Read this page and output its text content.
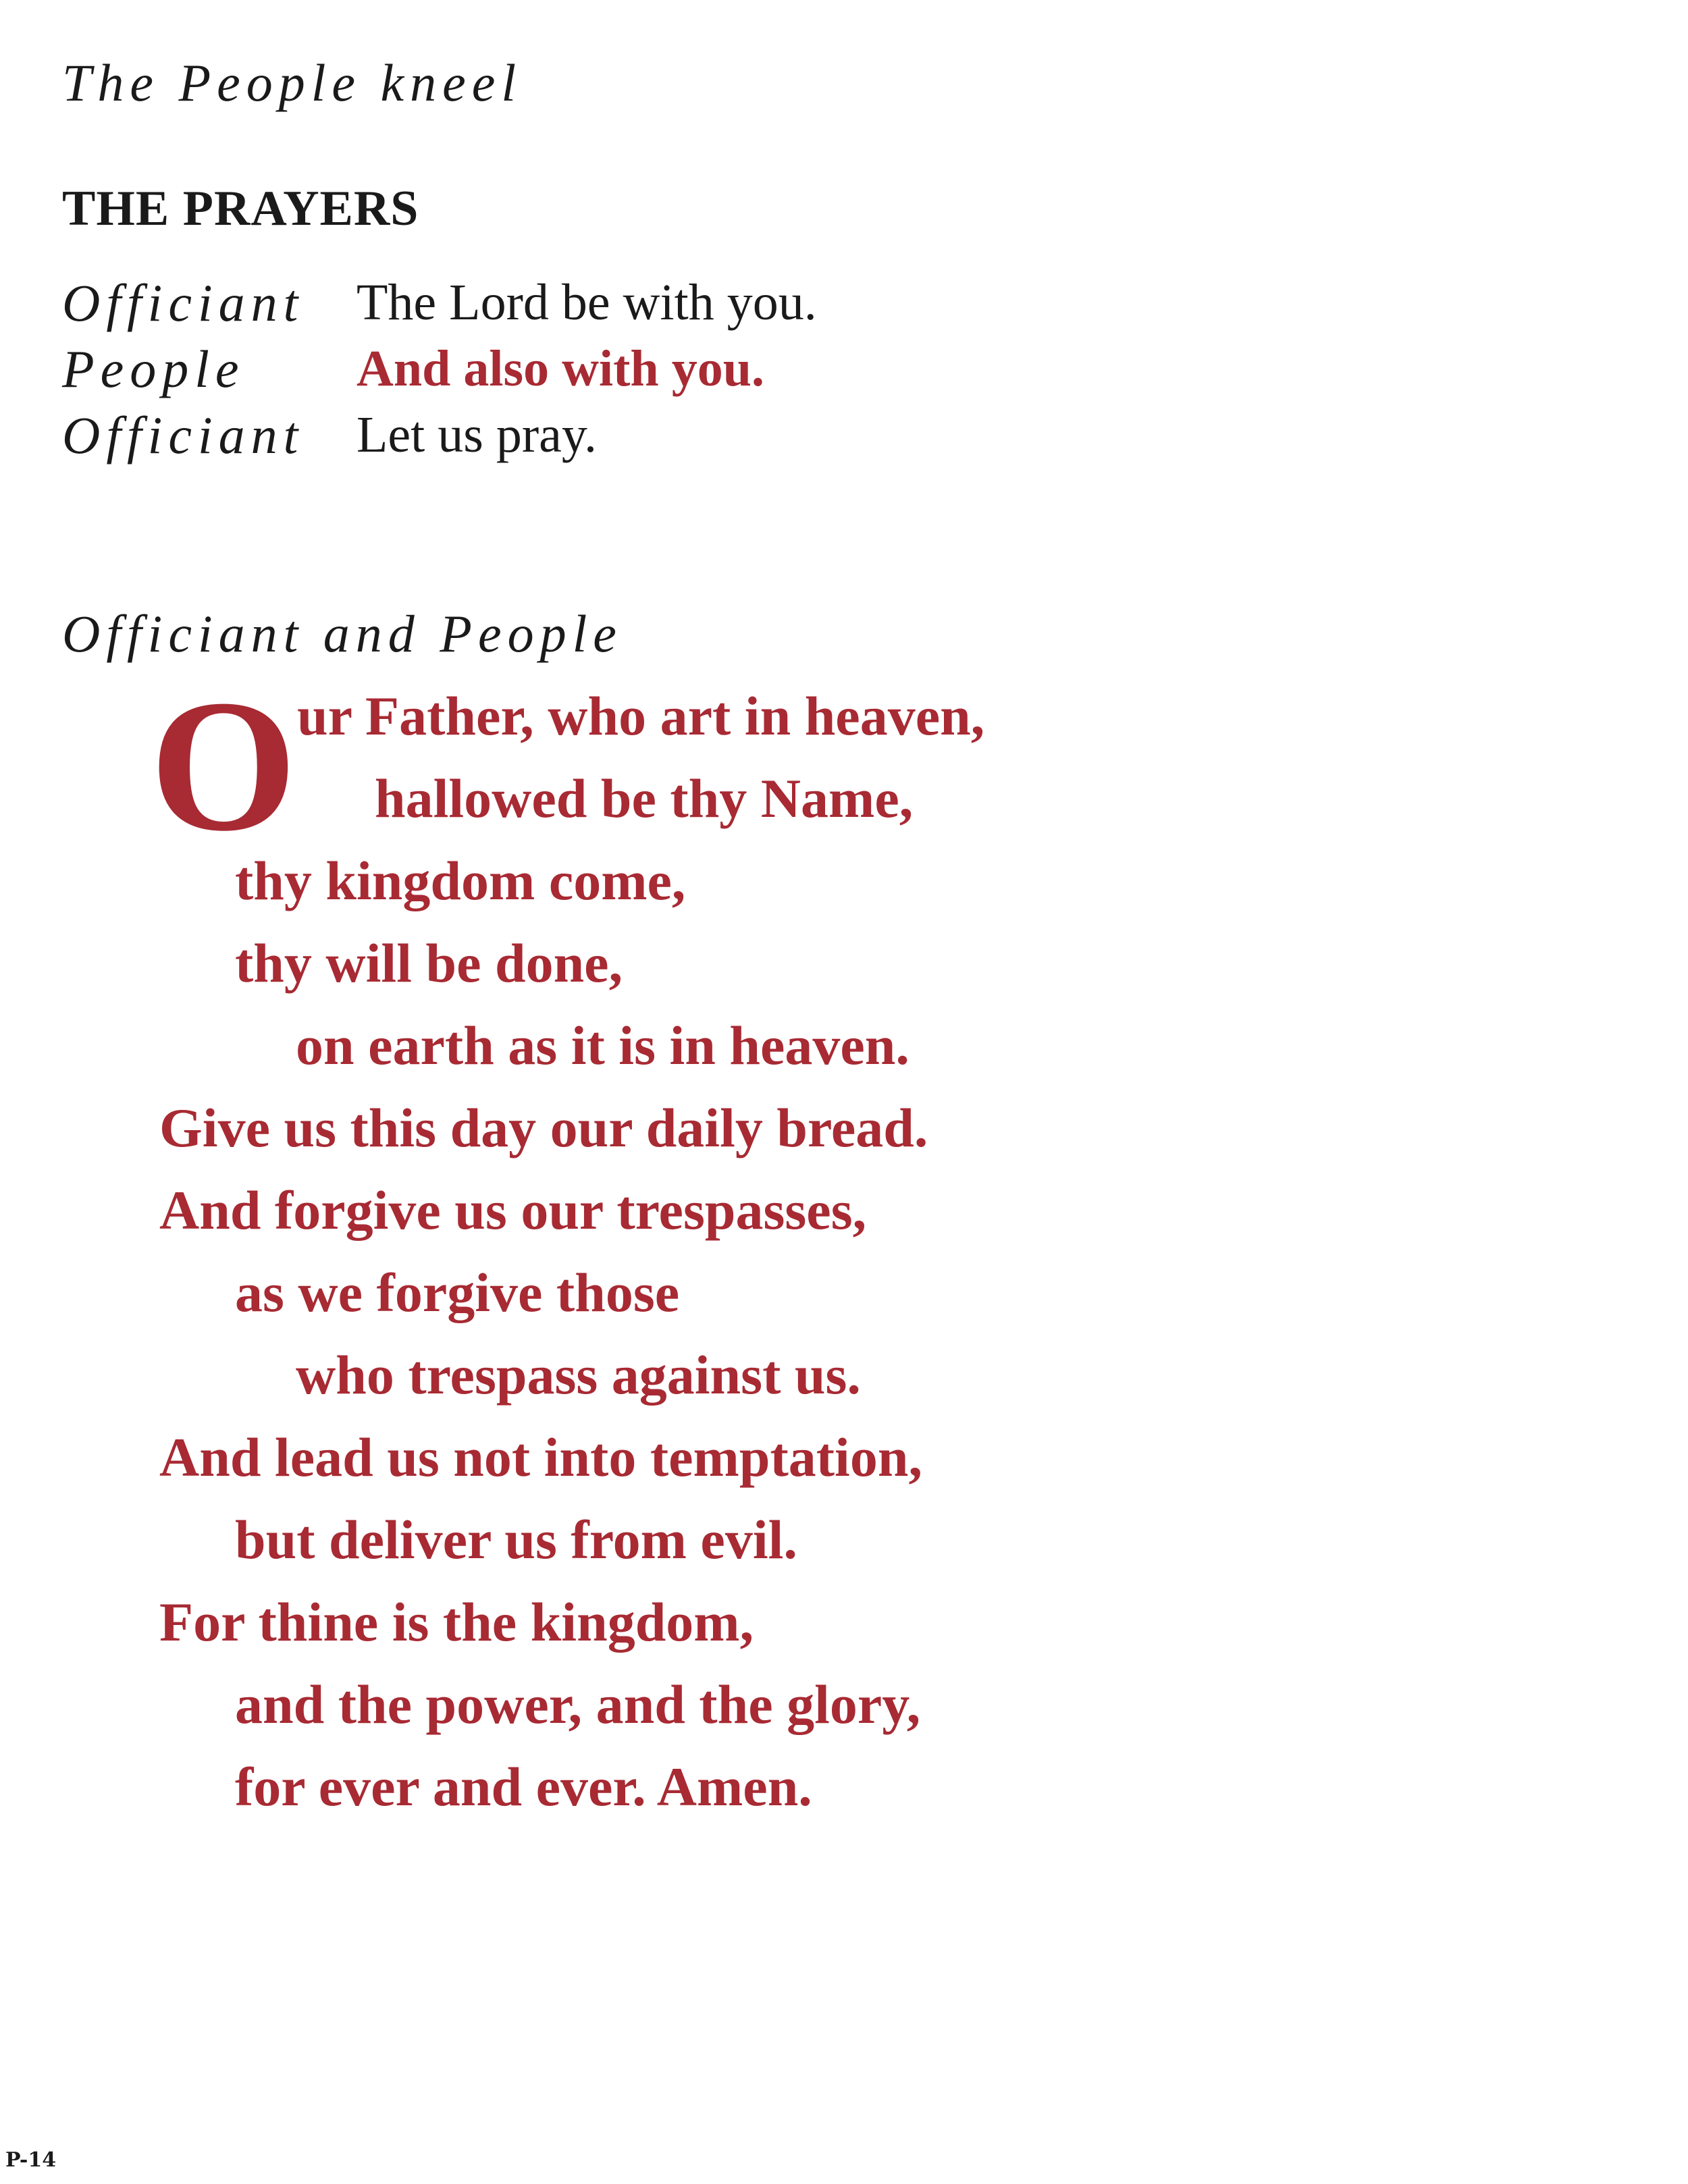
The People kneel
THE PRAYERS
Officiant The Lord be with you.
People And also with you.
Officiant Let us pray.
Officiant and People
O ur Father, who art in heaven,
hallowed be thy Name,
thy kingdom come,
thy will be done,
on earth as it is in heaven.
Give us this day our daily bread.
And forgive us our trespasses,
as we forgive those
who trespass against us.
And lead us not into temptation,
but deliver us from evil.
For thine is the kingdom,
and the power, and the glory,
for ever and ever. Amen.
P-14
